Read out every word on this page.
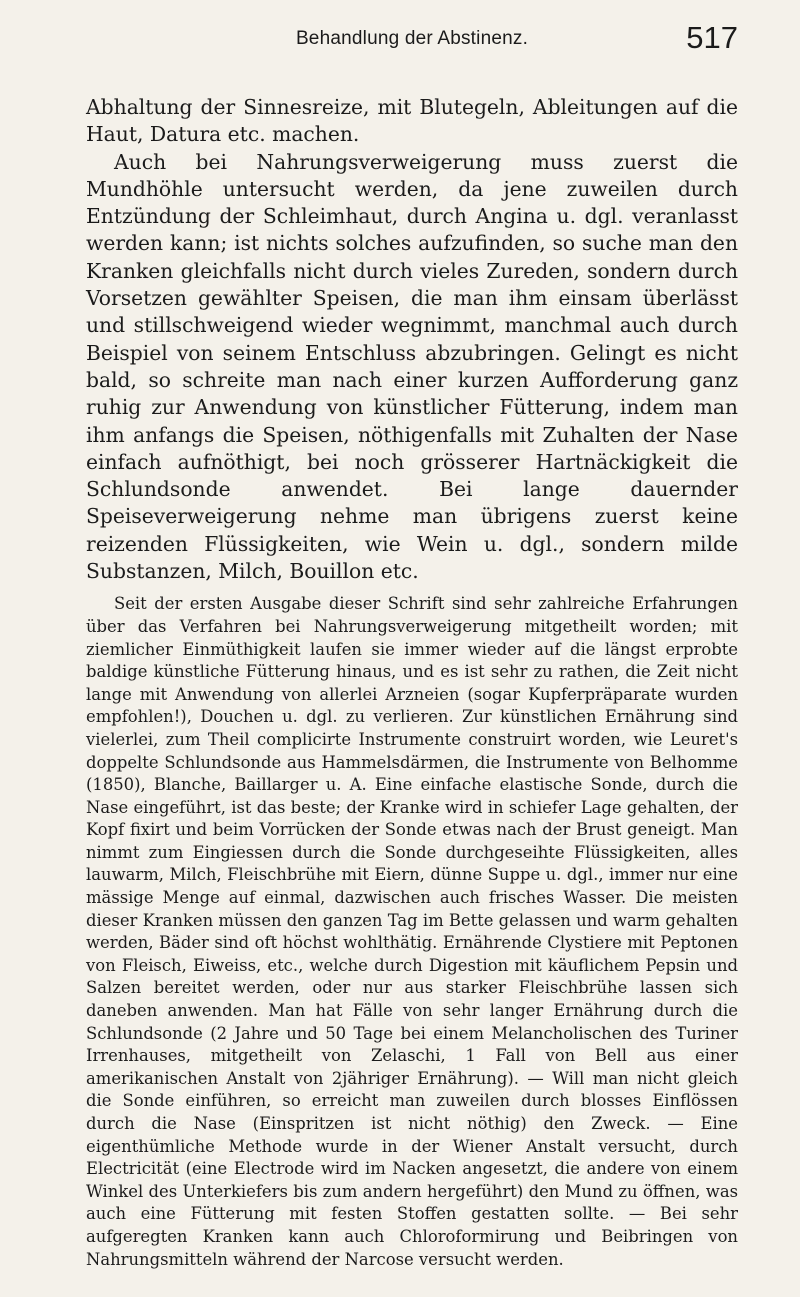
Behandlung der Abstinenz.	517

Abhaltung der Sinnesreize, mit Blutegeln, Ableitungen auf die Haut, Datura etc. machen.

Auch bei Nahrungsverweigerung muss zuerst die Mundhöhle untersucht werden, da jene zuweilen durch Entzündung der Schleimhaut, durch Angina u. dgl. veranlasst werden kann; ist nichts solches aufzufinden, so suche man den Kranken gleichfalls nicht durch vieles Zureden, sondern durch Vorsetzen gewählter Speisen, die man ihm einsam überlässt und stillschweigend wieder wegnimmt, manchmal auch durch Beispiel von seinem Entschluss abzubringen. Gelingt es nicht bald, so schreite man nach einer kurzen Aufforderung ganz ruhig zur Anwendung von künstlicher Fütterung, indem man ihm anfangs die Speisen, nöthigenfalls mit Zuhalten der Nase einfach aufnöthigt, bei noch grösserer Hartnäckigkeit die Schlundsonde anwendet. Bei lange dauernder Speiseverweigerung nehme man übrigens zuerst keine reizenden Flüssigkeiten, wie Wein u. dgl., sondern milde Substanzen, Milch, Bouillon etc.

Seit der ersten Ausgabe dieser Schrift sind sehr zahlreiche Erfahrungen über das Verfahren bei Nahrungsverweigerung mitgetheilt worden; mit ziemlicher Einmüthigkeit laufen sie immer wieder auf die längst erprobte baldige künstliche Fütterung hinaus, und es ist sehr zu rathen, die Zeit nicht lange mit Anwendung von allerlei Arzneien (sogar Kupferpräparate wurden empfohlen!), Douchen u. dgl. zu verlieren. Zur künstlichen Ernährung sind vielerlei, zum Theil complicirte Instrumente construirt worden, wie Leuret's doppelte Schlundsonde aus Hammelsdärmen, die Instrumente von Belhomme (1850), Blanche, Baillarger u. A. Eine einfache elastische Sonde, durch die Nase eingeführt, ist das beste; der Kranke wird in schiefer Lage gehalten, der Kopf fixirt und beim Vorrücken der Sonde etwas nach der Brust geneigt. Man nimmt zum Eingiessen durch die Sonde durchgeseihte Flüssigkeiten, alles lauwarm, Milch, Fleischbrühe mit Eiern, dünne Suppe u. dgl., immer nur eine mässige Menge auf einmal, dazwischen auch frisches Wasser. Die meisten dieser Kranken müssen den ganzen Tag im Bette gelassen und warm gehalten werden, Bäder sind oft höchst wohlthätig. Ernährende Clystiere mit Peptonen von Fleisch, Eiweiss, etc., welche durch Digestion mit käuflichem Pepsin und Salzen bereitet werden, oder nur aus starker Fleischbrühe lassen sich daneben anwenden. Man hat Fälle von sehr langer Ernährung durch die Schlundsonde (2 Jahre und 50 Tage bei einem Melancholischen des Turiner Irrenhauses, mitgetheilt von Zelaschi, 1 Fall von Bell aus einer amerikanischen Anstalt von 2jähriger Ernährung). — Will man nicht gleich die Sonde einführen, so erreicht man zuweilen durch blosses Einflössen durch die Nase (Einspritzen ist nicht nöthig) den Zweck. — Eine eigenthümliche Methode wurde in der Wiener Anstalt versucht, durch Electricität (eine Electrode wird im Nacken angesetzt, die andere von einem Winkel des Unterkiefers bis zum andern hergeführt) den Mund zu öffnen, was auch eine Fütterung mit festen Stoffen gestatten sollte. — Bei sehr aufgeregten Kranken kann auch Chloroformirung und Beibringen von Nahrungsmitteln während der Narcose versucht werden.
